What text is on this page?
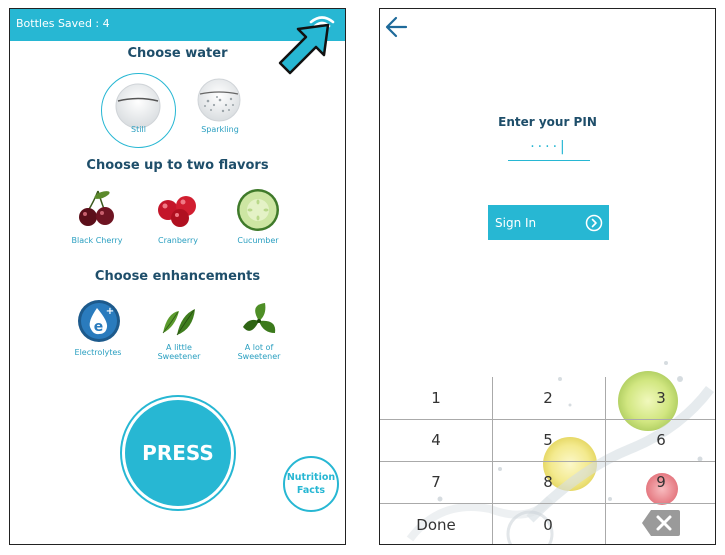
Bottles Saved : 4
Choose water
Still	Sparkling
Choose up to two flavors
Black Cherry	Cranberry	Cucumber
Choose enhancements
e
+
Electrolytes
A little
Sweetener
A lot of
Sweetener
PRESS
Nutrition
Facts
Enter your PIN
····|
Sign In
1	2	3
4	5	6
7	8	9
Done	0
